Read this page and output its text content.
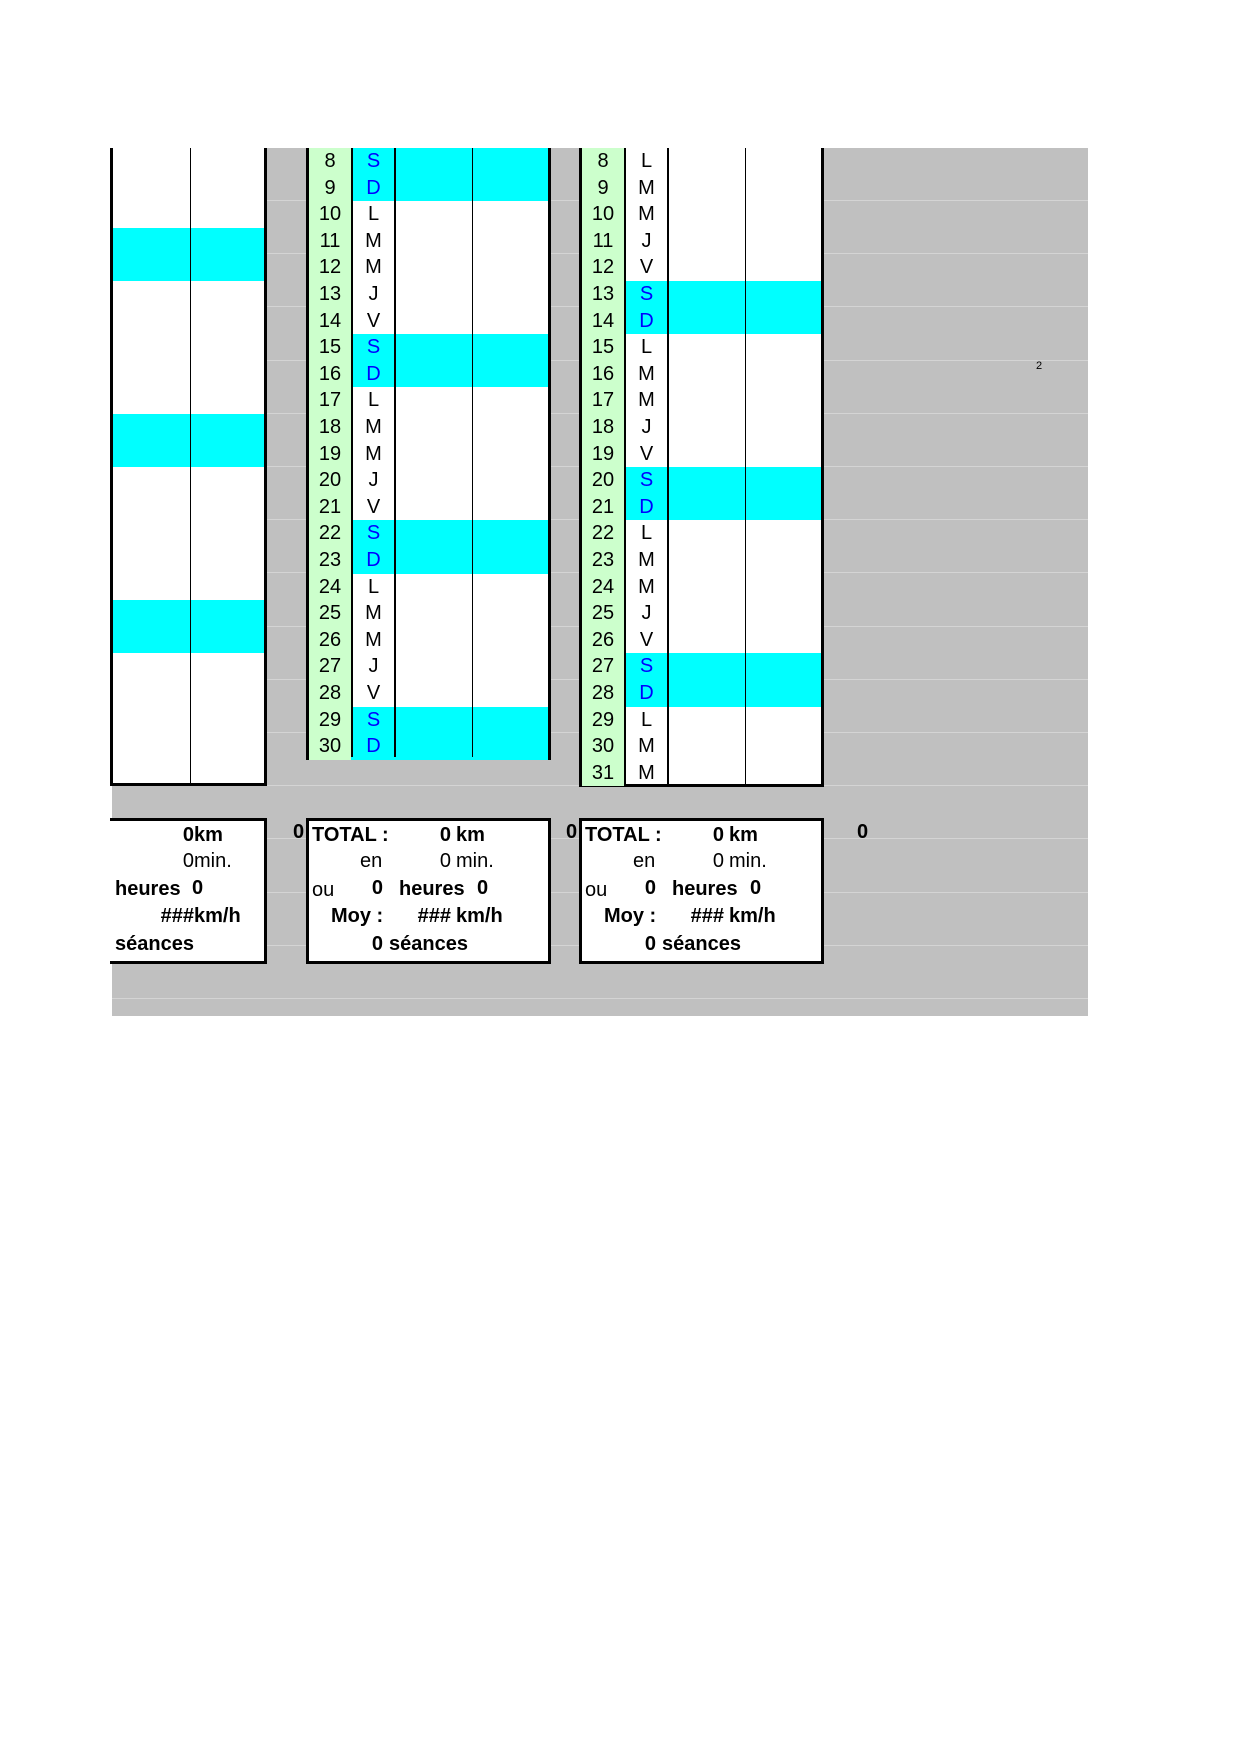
2
8	S
9	D
10	L
11	M
12	M
13	J
14	V
15	S
16	D
17	L
18	M
19	M
20	J
21	V
22	S
23	D
24	L
25	M
26	M
27	J
28	V
29	S
30	D
8	L
9	M
10	M
11	J
12	V
13	S
14	D
15	L
16	M
17	M
18	J
19	V
20	S
21	D
22	L
23	M
24	M
25	J
26	V
27	S
28	D
29	L
30	M
31	M
0 km
0 min.
heures 0
### km/h
séances
0 TOTAL :	0 km
en	0 min.
ou	0 heures 0
Moy :	### km/h
0 séances
0 TOTAL :	0 km
en	0 min.
ou	0 heures 0
Moy :	### km/h
0 séances
0
